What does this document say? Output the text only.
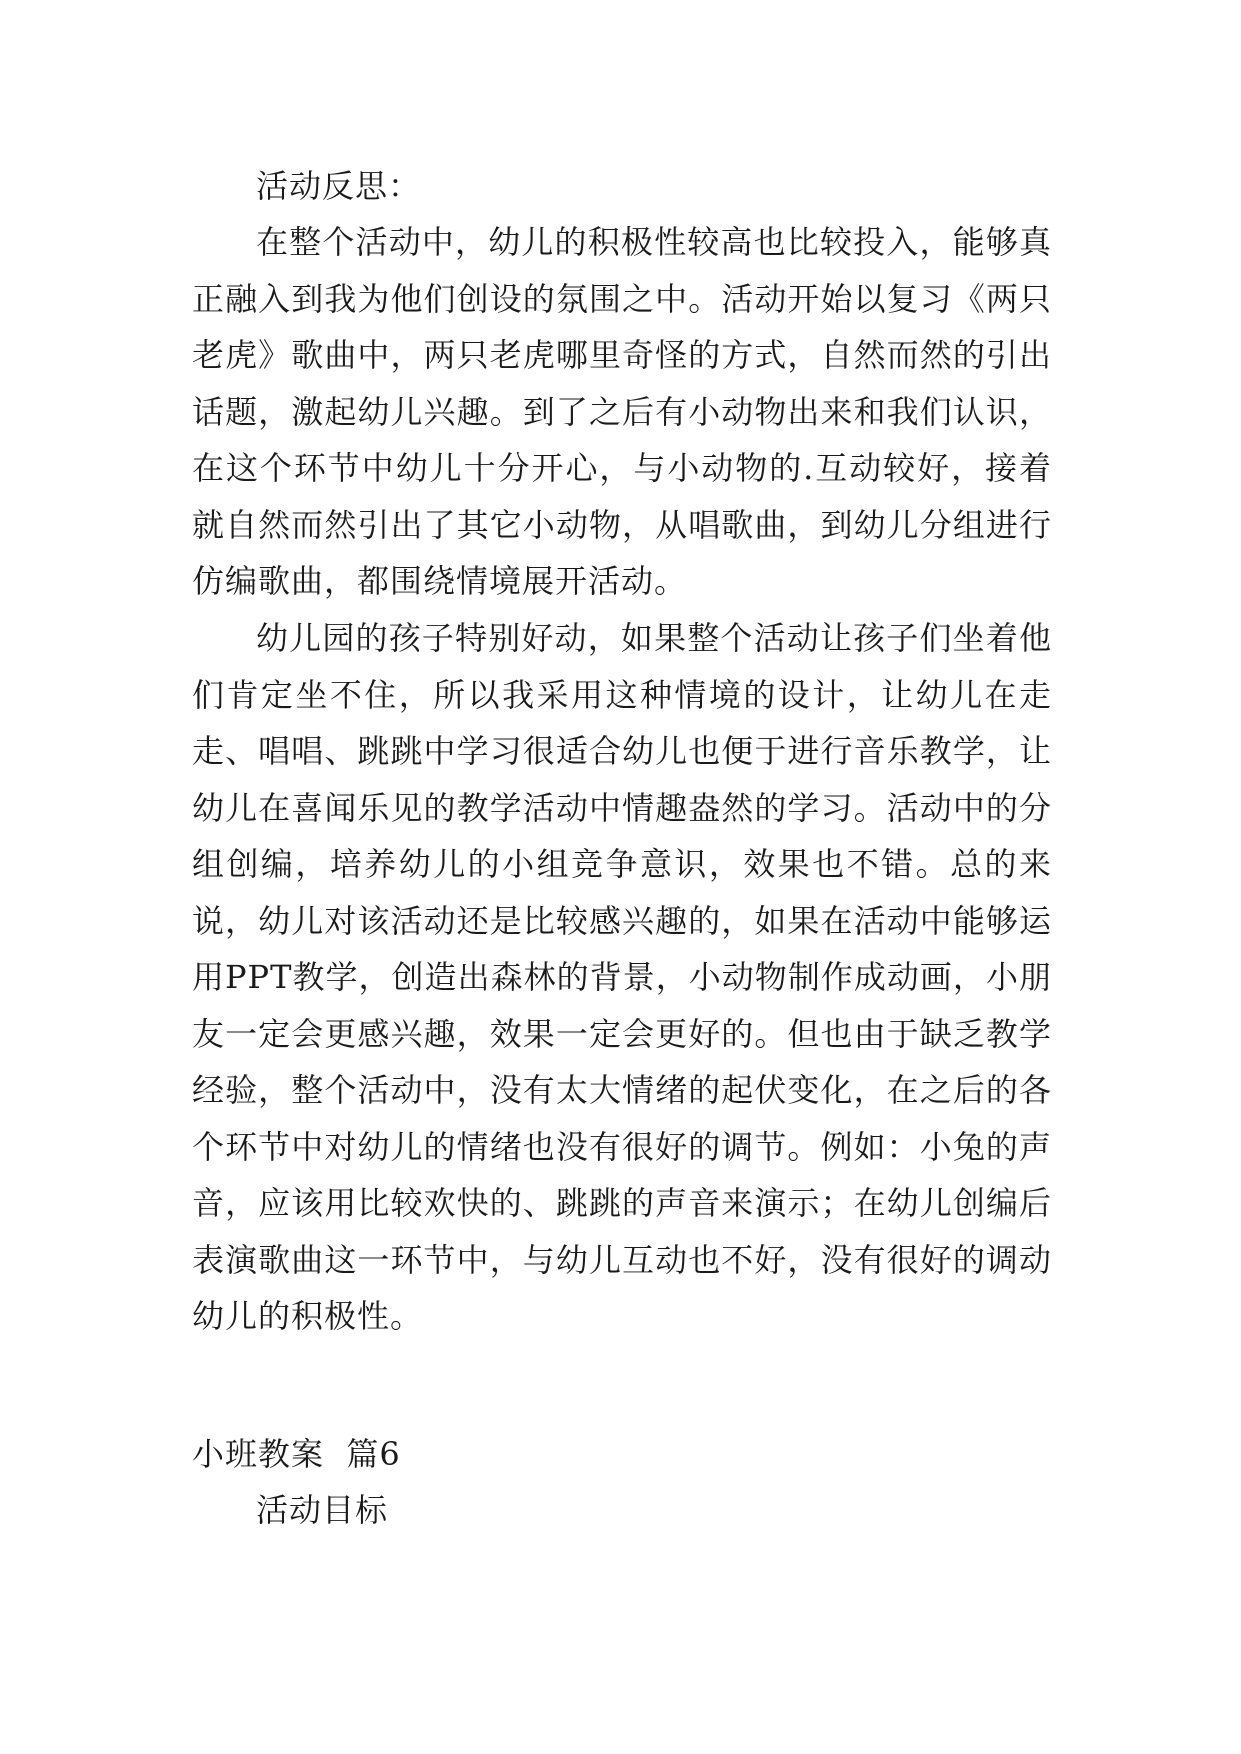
活动反思：

在整个活动中，幼儿的积极性较高也比较投入，能够真正融入到我为他们创设的氛围之中。活动开始以复习《两只老虎》歌曲中，两只老虎哪里奇怪的方式，自然而然的引出话题，激起幼儿兴趣。到了之后有小动物出来和我们认识，在这个环节中幼儿十分开心，与小动物的.互动较好，接着就自然而然引出了其它小动物，从唱歌曲，到幼儿分组进行仿编歌曲，都围绕情境展开活动。

幼儿园的孩子特别好动，如果整个活动让孩子们坐着他们肯定坐不住，所以我采用这种情境的设计，让幼儿在走走、唱唱、跳跳中学习很适合幼儿也便于进行音乐教学，让幼儿在喜闻乐见的教学活动中情趣盎然的学习。活动中的分组创编，培养幼儿的小组竞争意识，效果也不错。总的来说，幼儿对该活动还是比较感兴趣的，如果在活动中能够运用PPT教学，创造出森林的背景，小动物制作成动画，小朋友一定会更感兴趣，效果一定会更好的。但也由于缺乏教学经验，整个活动中，没有太大情绪的起伏变化，在之后的各个环节中对幼儿的情绪也没有很好的调节。例如：小兔的声音，应该用比较欢快的、跳跳的声音来演示；在幼儿创编后表演歌曲这一环节中，与幼儿互动也不好，没有很好的调动幼儿的积极性。

小班教案  篇6
活动目标
